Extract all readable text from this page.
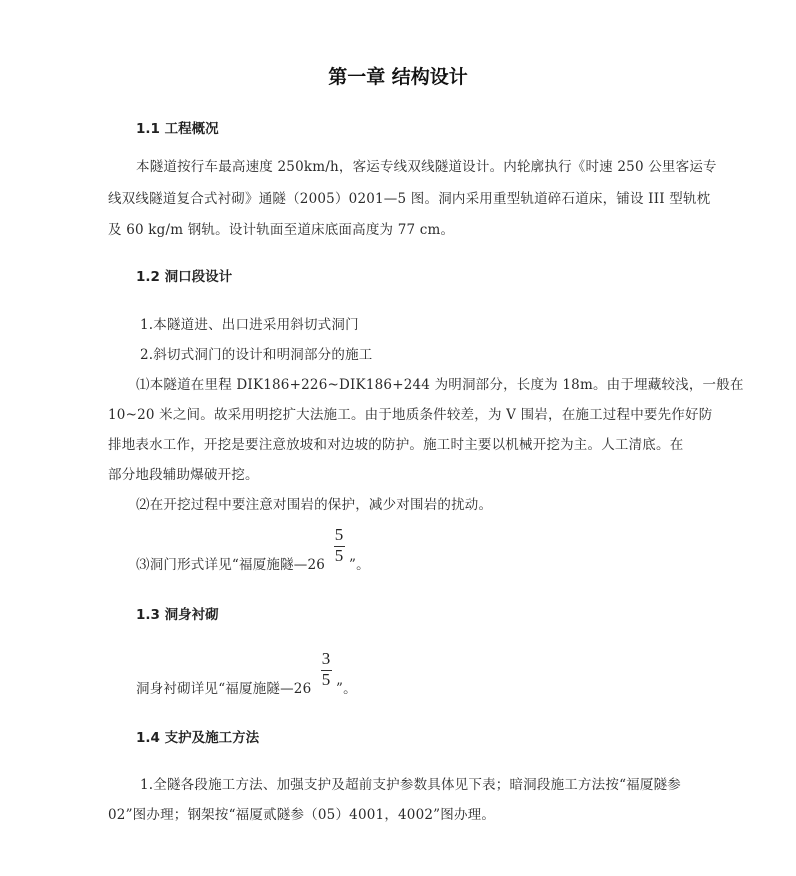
第一章 结构设计
1.1 工程概况
本隧道按行车最高速度 250km/h，客运专线双线隧道设计。内轮廓执行《时速 250 公里客运专
线双线隧道复合式衬砌》通隧（2005）0201—5 图。洞内采用重型轨道碎石道床，铺设 III 型轨枕
及 60 kg/m 钢轨。设计轨面至道床底面高度为 77 cm。
1.2 洞口段设计
1.本隧道进、出口进采用斜切式洞门
2.斜切式洞门的设计和明洞部分的施工
⑴本隧道在里程 DIK186+226~DIK186+244 为明洞部分，长度为 18m。由于埋藏较浅，一般在
10~20 米之间。故采用明挖扩大法施工。由于地质条件较差，为 V 围岩，在施工过程中要先作好防
排地表水工作，开挖是要注意放坡和对边坡的防护。施工时主要以机械开挖为主。人工清底。在
部分地段辅助爆破开挖。
⑵在开挖过程中要注意对围岩的保护，减少对围岩的扰动。
⑶洞门形式详见“福厦施隧—26
5
5 ”。
1.3 洞身衬砌
洞身衬砌详见“福厦施隧—26
3
5 ”。
1.4 支护及施工方法
1.全隧各段施工方法、加强支护及超前支护参数具体见下表；暗洞段施工方法按“福厦隧参
02”图办理；钢架按“福厦贰隧参（05）4001，4002”图办理。
